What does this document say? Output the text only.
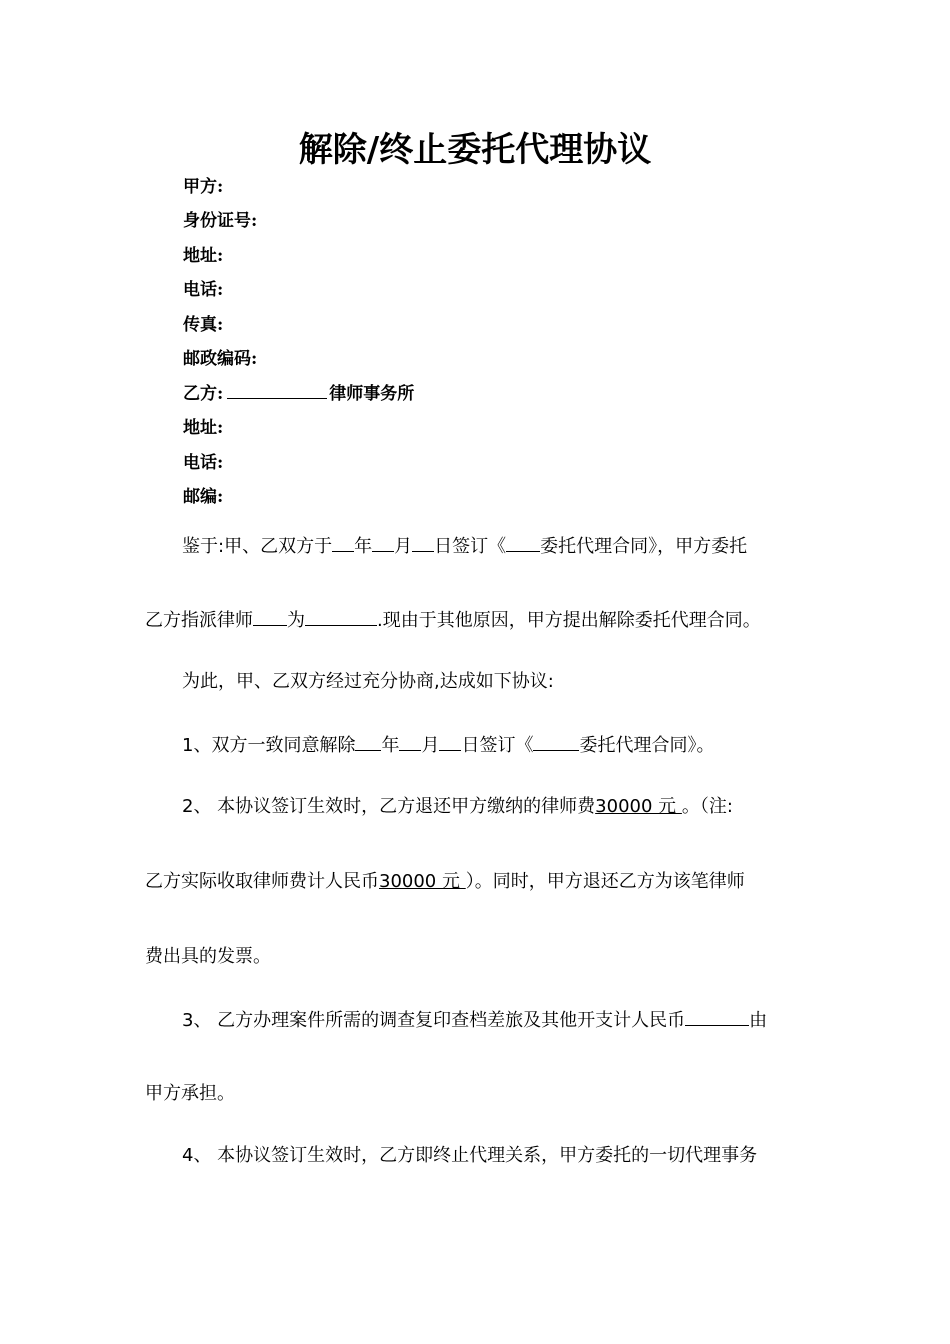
解除/终止委托代理协议
甲方:
身份证号:
地址:
电话:
传真:
邮政编码:
乙方:	律师事务所
地址:
电话:
邮编:
鉴于:甲、乙双方于 年 月 日签订《 委托代理合同》，甲方委托
乙方指派律师 为	.现由于其他原因，甲方提出解除委托代理合同。
为此，甲、乙双方经过充分协商,达成如下协议:
1、双方一致同意解除 年 月 日签订《	委托代理合同》。
2、 本协议签订生效时，乙方退还甲方缴纳的律师费30000 元 。（注:
乙方实际收取律师费计人民币30000 元 ）。同时，甲方退还乙方为该笔律师
费出具的发票。
3、 乙方办理案件所需的调查复印查档差旅及其他开支计人民币	由
甲方承担。
4、 本协议签订生效时，乙方即终止代理关系，甲方委托的一切代理事务
